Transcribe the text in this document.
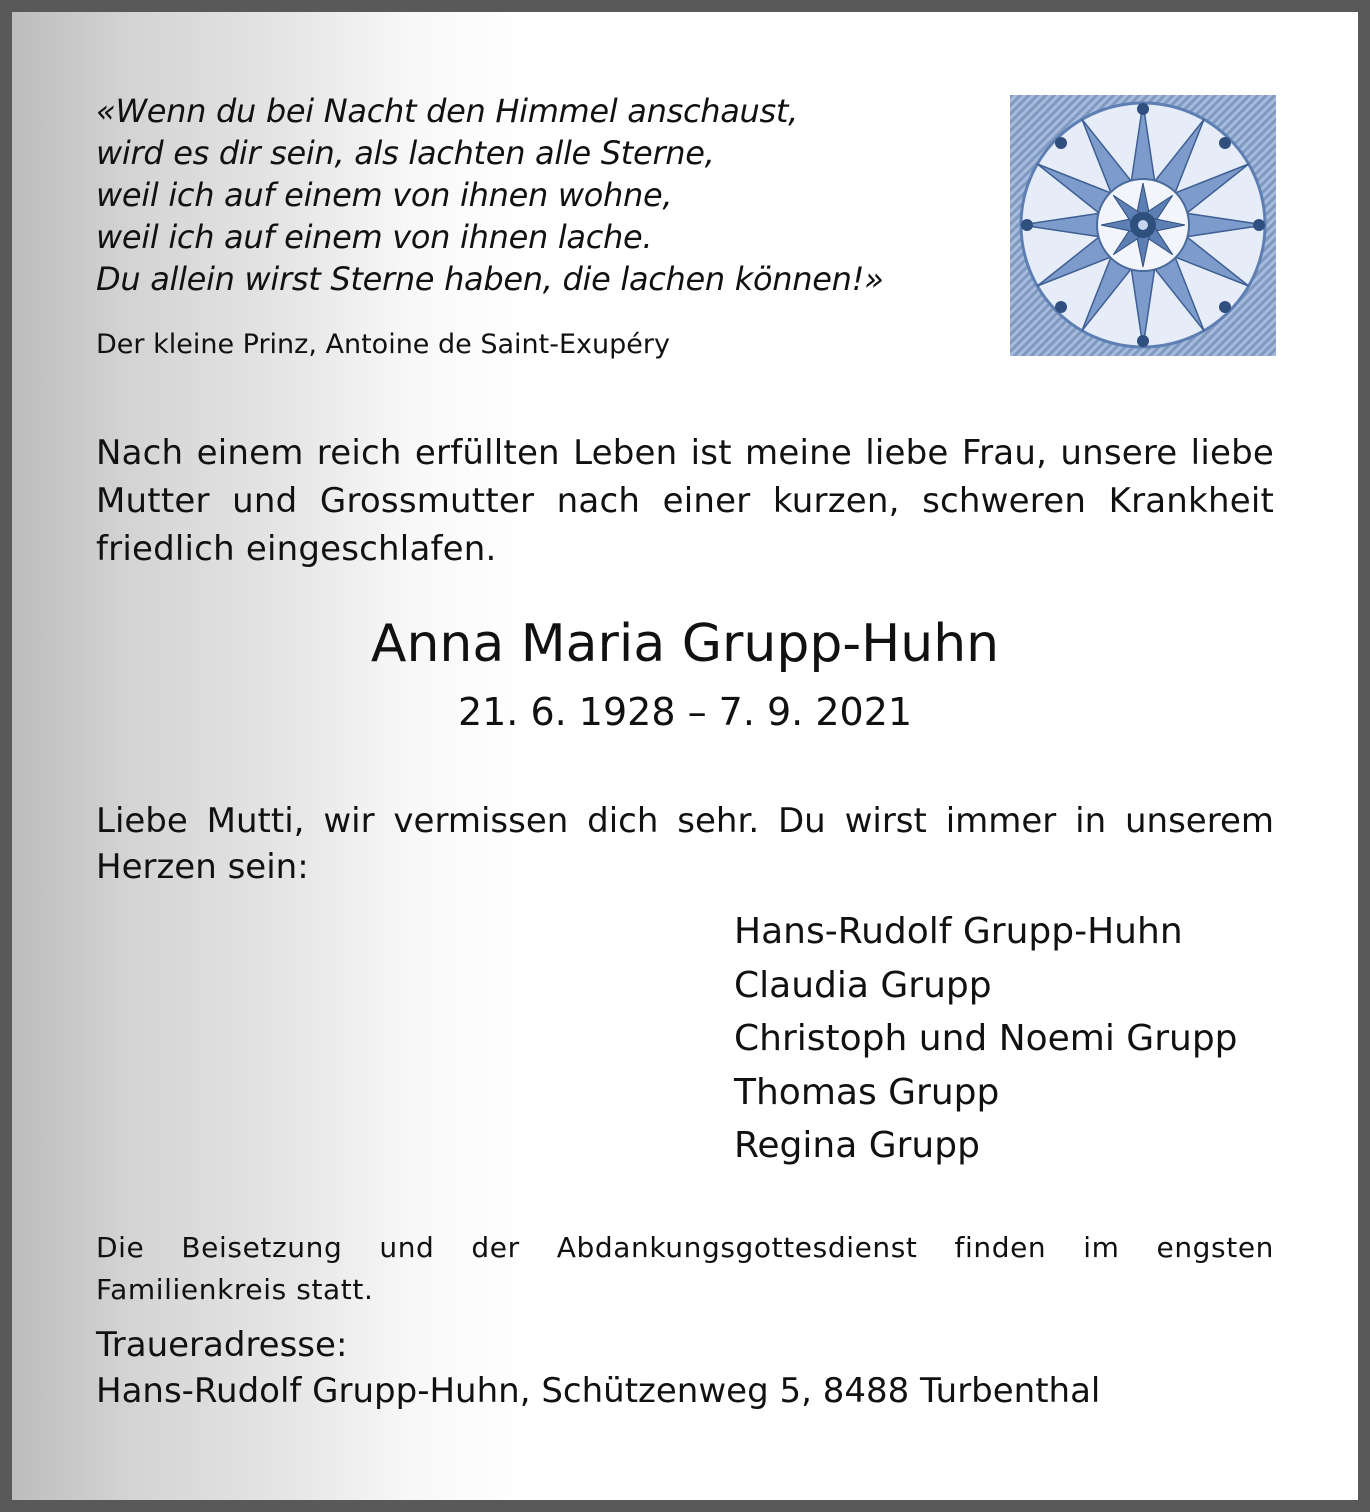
«Wenn du bei Nacht den Himmel anschaust,
wird es dir sein, als lachten alle Sterne,
weil ich auf einem von ihnen wohne,
weil ich auf einem von ihnen lache.
Du allein wirst Sterne haben, die lachen können!»
Der kleine Prinz, Antoine de Saint-Exupéry
Nach einem reich erfüllten Leben ist meine liebe Frau, unsere liebe Mutter und Grossmutter nach einer kurzen, schweren Krankheit friedlich eingeschlafen.
Anna Maria Grupp-Huhn
21. 6. 1928 – 7. 9. 2021
Liebe Mutti, wir vermissen dich sehr. Du wirst immer in unserem Herzen sein:
Hans-Rudolf Grupp-Huhn
Claudia Grupp
Christoph und Noemi Grupp
Thomas Grupp
Regina Grupp
Die Beisetzung und der Abdankungsgottesdienst finden im engsten Familienkreis statt.
Traueradresse:
Hans-Rudolf Grupp-Huhn, Schützenweg 5, 8488 Turbenthal
